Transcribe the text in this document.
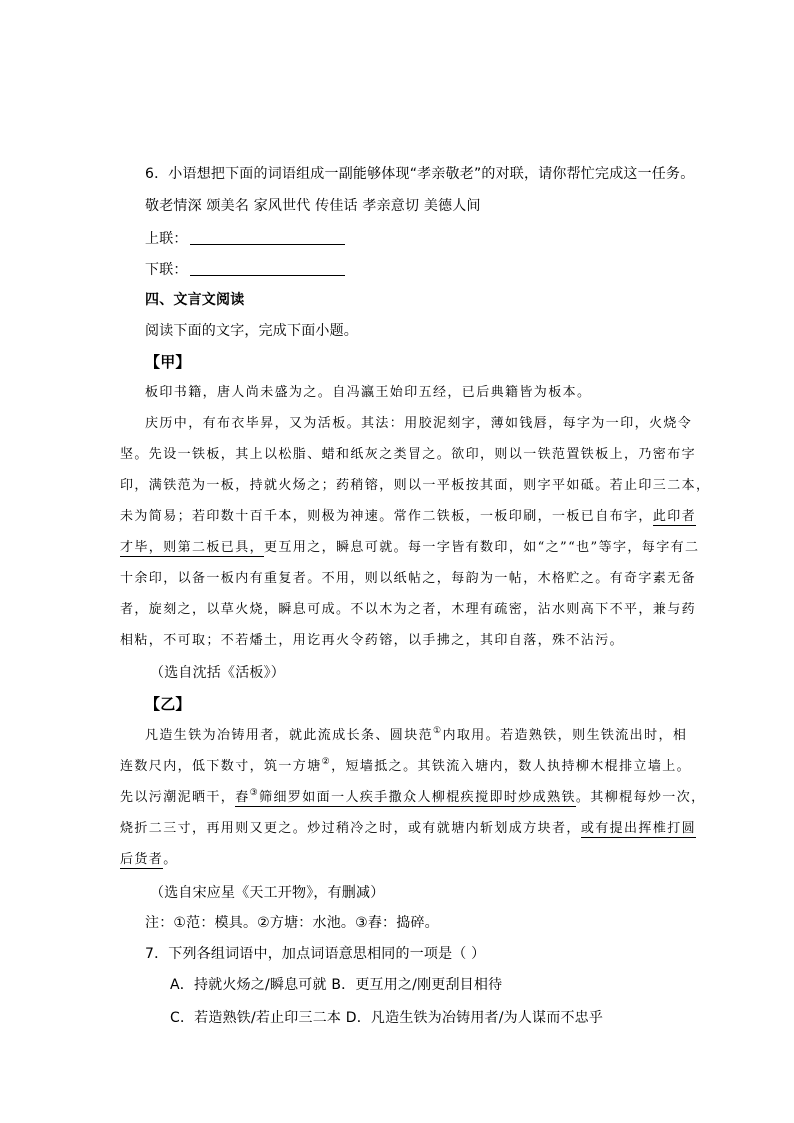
6．小语想把下面的词语组成一副能够体现“孝亲敬老”的对联，请你帮忙完成这一任务。
敬老情深 颂美名 家风世代 传佳话 孝亲意切 美德人间
上联：
下联：
四、文言文阅读
阅读下面的文字，完成下面小题。
【甲】
板印书籍，唐人尚未盛为之。自冯瀛王始印五经，已后典籍皆为板本。
庆历中，有布衣毕昇，又为活板。其法：用胶泥刻字，薄如钱唇，每字为一印，火烧令
坚。先设一铁板，其上以松脂、蜡和纸灰之类冒之。欲印，则以一铁范置铁板上，乃密布字
印，满铁范为一板，持就火炀之；药稍镕，则以一平板按其面，则字平如砥。若止印三二本，
未为简易；若印数十百千本，则极为神速。常作二铁板，一板印刷，一板已自布字，此印者
才毕，则第二板已具，更互用之，瞬息可就。每一字皆有数印，如“之”“也”等字，每字有二
十余印，以备一板内有重复者。不用，则以纸帖之，每韵为一帖，木格贮之。有奇字素无备
者，旋刻之，以草火烧，瞬息可成。不以木为之者，木理有疏密，沾水则高下不平，兼与药
相粘，不可取；不若燔土，用讫再火令药镕，以手拂之，其印自落，殊不沾污。
（选自沈括《活板》）
【乙】
凡造生铁为冶铸用者，就此流成长条、圆块范①内取用。若造熟铁，则生铁流出时，相
连数尺内，低下数寸，筑一方塘②，短墙抵之。其铁流入塘内，数人执持柳木棍排立墙上。
先以污潮泥晒干，舂③筛细罗如面一人疾手撒众人柳棍疾搅即时炒成熟铁。其柳棍每炒一次，
烧折二三寸，再用则又更之。炒过稍冷之时，或有就塘内斩划成方块者，或有提出挥椎打圆
后货者。
（选自宋应星《天工开物》，有删减）
注：①范：模具。②方塘：水池。③舂：捣碎。
7．下列各组词语中，加点词语意思相同的一项是（ ）
A．持就火炀之/瞬息可就 B．更互用之/刚更刮目相待
C．若造熟铁/若止印三二本 D．凡造生铁为冶铸用者/为人谋而不忠乎
